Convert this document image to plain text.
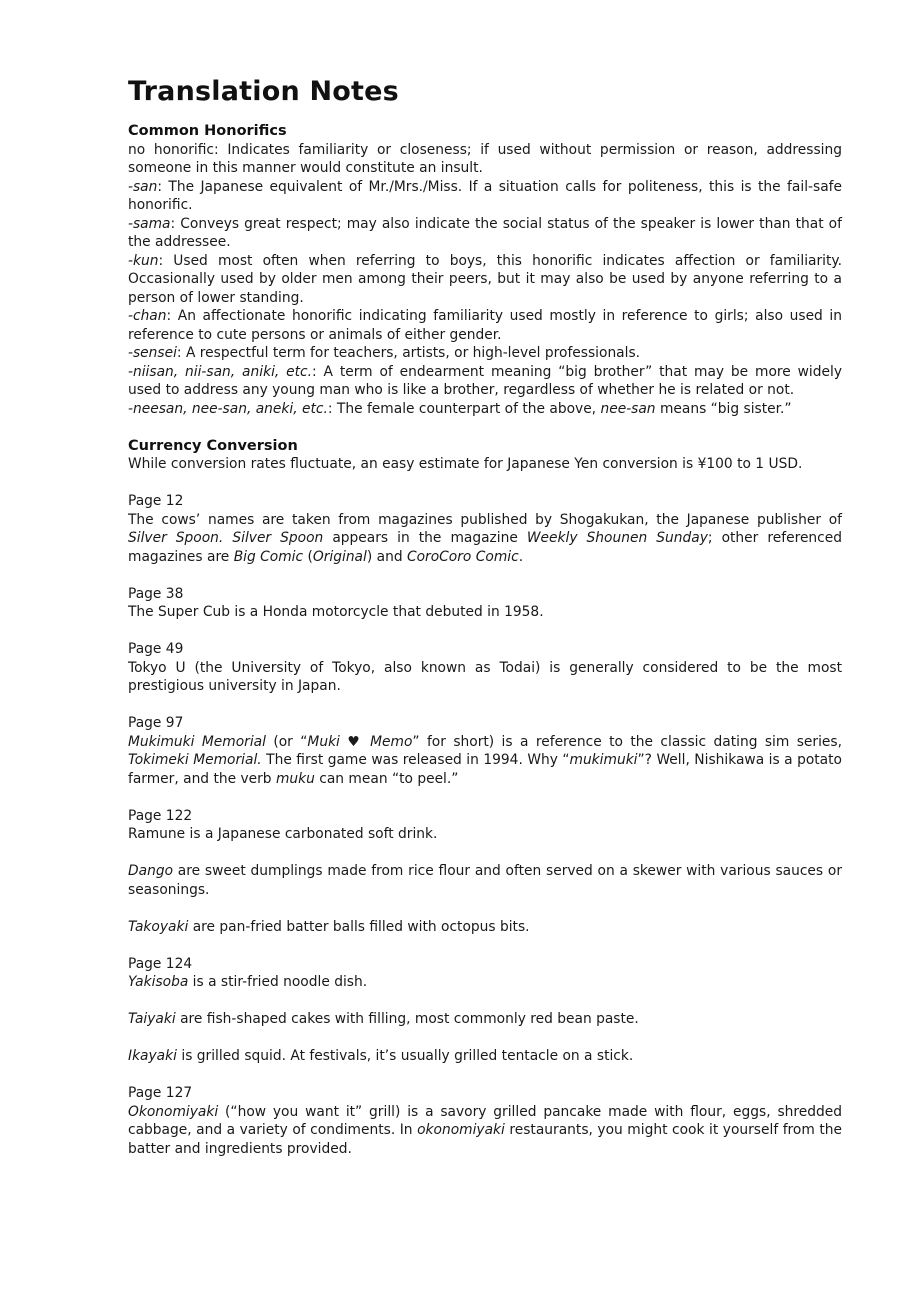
Translation Notes
Common Honorifics

no honorific: Indicates familiarity or closeness; if used without permission or reason, addressing someone in this manner would constitute an insult.

-san: The Japanese equivalent of Mr./Mrs./Miss. If a situation calls for politeness, this is the fail-safe honorific.

-sama: Conveys great respect; may also indicate the social status of the speaker is lower than that of the addressee.

-kun: Used most often when referring to boys, this honorific indicates affection or familiarity. Occasionally used by older men among their peers, but it may also be used by anyone referring to a person of lower standing.

-chan: An affectionate honorific indicating familiarity used mostly in reference to girls; also used in reference to cute persons or animals of either gender.

-sensei: A respectful term for teachers, artists, or high-level professionals.

-niisan, nii-san, aniki, etc.: A term of endearment meaning “big brother” that may be more widely used to address any young man who is like a brother, regardless of whether he is related or not.

-neesan, nee-san, aneki, etc.: The female counterpart of the above, nee-san means “big sister.”

Currency Conversion

While conversion rates fluctuate, an easy estimate for Japanese Yen conversion is ¥100 to 1 USD.

Page 12

The cows’ names are taken from magazines published by Shogakukan, the Japanese publisher of Silver Spoon. Silver Spoon appears in the magazine Weekly Shounen Sunday; other referenced magazines are Big Comic (Original) and CoroCoro Comic.

Page 38

The Super Cub is a Honda motorcycle that debuted in 1958.

Page 49

Tokyo U (the University of Tokyo, also known as Todai) is generally considered to be the most prestigious university in Japan.

Page 97

Mukimuki Memorial (or “Muki ♥ Memo” for short) is a reference to the classic dating sim series, Tokimeki Memorial. The first game was released in 1994. Why “mukimuki”? Well, Nishikawa is a potato farmer, and the verb muku can mean “to peel.”

Page 122

Ramune is a Japanese carbonated soft drink.

Dango are sweet dumplings made from rice flour and often served on a skewer with various sauces or seasonings.

Takoyaki are pan-fried batter balls filled with octopus bits.

Page 124

Yakisoba is a stir-fried noodle dish.

Taiyaki are fish-shaped cakes with filling, most commonly red bean paste.

Ikayaki is grilled squid. At festivals, it’s usually grilled tentacle on a stick.

Page 127

Okonomiyaki (“how you want it” grill) is a savory grilled pancake made with flour, eggs, shredded cabbage, and a variety of condiments. In okonomiyaki restaurants, you might cook it yourself from the batter and ingredients provided.
